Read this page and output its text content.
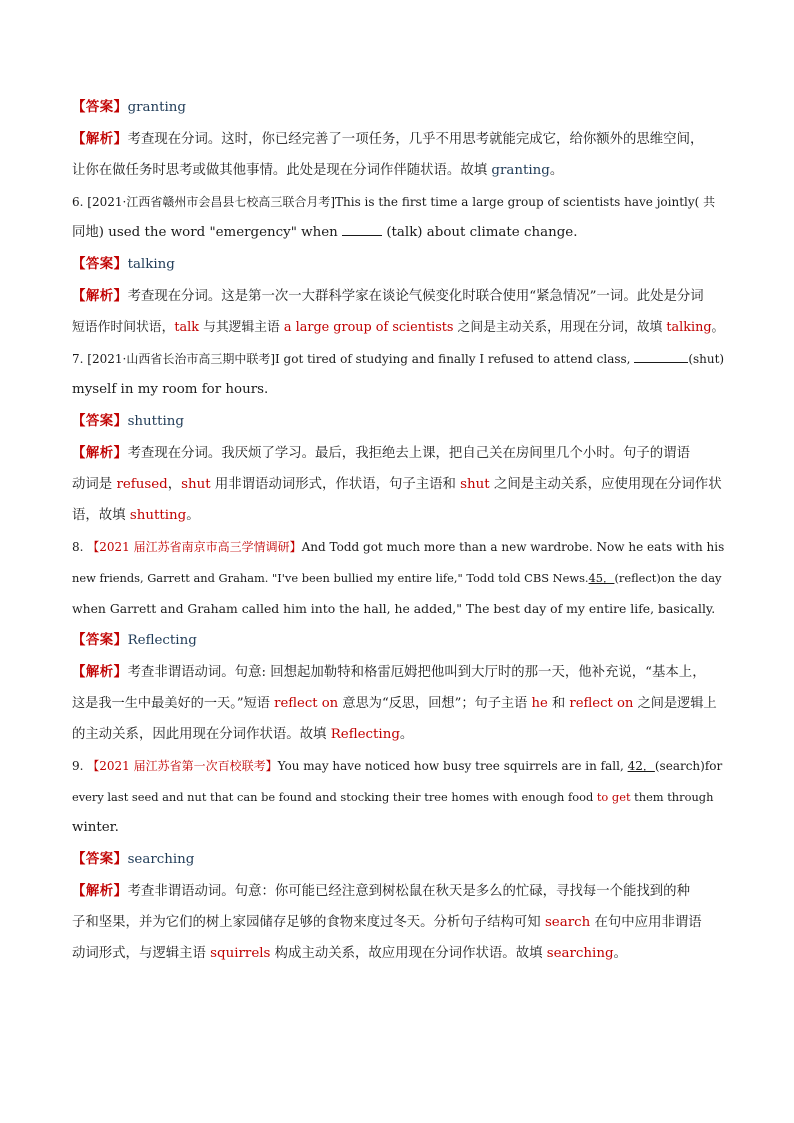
【答案】granting

【解析】考查现在分词。这时，你已经完善了一项任务，几乎不用思考就能完成它，给你额外的思维空间，

让你在做任务时思考或做其他事情。此处是现在分词作伴随状语。故填 granting。

6. [2021·江西省赣州市会昌县七校高三联合月考]This is the first time a large group of scientists have jointly( 共

同地) used the word "emergency" when	(talk) about climate change.

【答案】talking

【解析】考查现在分词。这是第一次一大群科学家在谈论气候变化时联合使用“紧急情况”一词。此处是分词

短语作时间状语，talk 与其逻辑主语 a large group of scientists 之间是主动关系，用现在分词，故填 talking。

7. [2021·山西省长治市高三期中联考]I got tired of studying and finally I refused to attend class,	(shut)

myself in my room for hours.

【答案】shutting

【解析】考查现在分词。我厌烦了学习。最后，我拒绝去上课，把自己关在房间里几个小时。句子的谓语

动词是 refused，shut 用非谓语动词形式，作状语，句子主语和 shut 之间是主动关系，应使用现在分词作状

语，故填 shutting。

8. 【2021 届江苏省南京市高三学情调研】And Todd got much more than a new wardrobe. Now he eats with his

new friends, Garrett and Graham. "I've been bullied my entire life," Todd told CBS News.45．(reflect)on the day

when Garrett and Graham called him into the hall, he added," The best day of my entire life, basically.

【答案】Reflecting

【解析】考查非谓语动词。句意: 回想起加勒特和格雷厄姆把他叫到大厅时的那一天，他补充说，“基本上，

这是我一生中最美好的一天。”短语 reflect on 意思为“反思，回想”；句子主语 he 和 reflect on 之间是逻辑上

的主动关系，因此用现在分词作状语。故填 Reflecting。

9. 【2021 届江苏省第一次百校联考】You may have noticed how busy tree squirrels are in fall, 42．(search)for

every last seed and nut that can be found and stocking their tree homes with enough food to get them through

winter.

【答案】searching

【解析】考查非谓语动词。句意：你可能已经注意到树松鼠在秋天是多么的忙碌，寻找每一个能找到的种

子和坚果，并为它们的树上家园储存足够的食物来度过冬天。分析句子结构可知 search 在句中应用非谓语

动词形式，与逻辑主语 squirrels 构成主动关系，故应用现在分词作状语。故填 searching。
